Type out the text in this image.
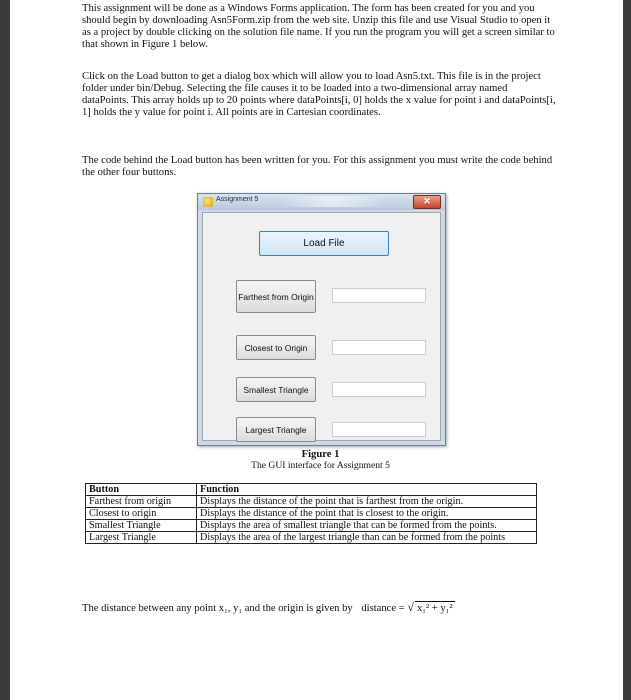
This assignment will be done as a Windows Forms application. The form has been created for you and you should begin by downloading Asn5Form.zip from the web site. Unzip this file and use Visual Studio to open it as a project by double clicking on the solution file name. If you run the program you will get a screen similar to that shown in Figure 1 below.

Click on the Load button to get a dialog box which will allow you to load Asn5.txt. This file is in the project folder under bin/Debug. Selecting the file causes it to be loaded into a two-dimensional array named dataPoints. This array holds up to 20 points where dataPoints[i, 0] holds the x value for point i and dataPoints[i, 1] holds the y value for point i. All points are in Cartesian coordinates.

The code behind the Load button has been written for you. For this assignment you must write the code behind the other four buttons.

Assignment 5	✕
Load File
Farthest from Origin
Closest to Origin
Smallest Triangle
Largest Triangle
Figure 1
The GUI interface for Assignment 5
Button	Function
Farthest from origin	Displays the distance of the point that is farthest from the origin.
Closest to origin	Displays the distance of the point that is closest to the origin.
Smallest Triangle	Displays the area of smallest triangle that can be formed from the points.
Largest Triangle	Displays the area of the largest triangle than can be formed from the points
The distance between any point x₁, y₁ and the origin is given by distance = √ x₁² + y₁²
